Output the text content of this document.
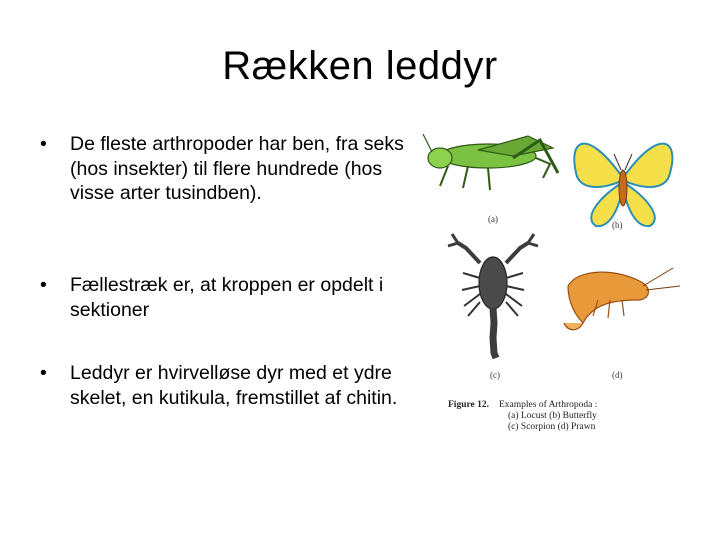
Rækken leddyr
• De fleste arthropoder har ben, fra seks (hos insekter) til flere hundrede (hos visse arter tusindben).
• Fællestræk er, at kroppen er opdelt i sektioner
• Leddyr er hvirvelløse dyr med et ydre skelet, en kutikula, fremstillet af chitin.
(a)
(b)
(c)	(d)
Figure 12. Examples of Arthropoda :
(a) Locust (b) Butterfly
(c) Scorpion (d) Prawn
